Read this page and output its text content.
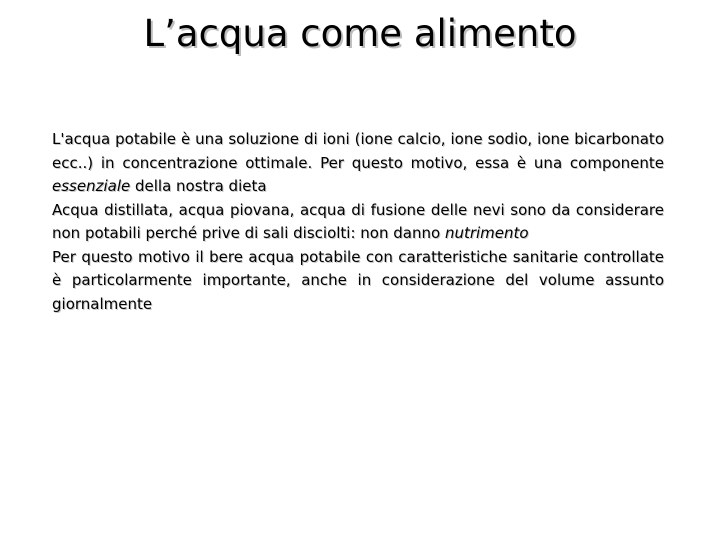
L’acqua come alimento

L'acqua potabile è una soluzione di ioni (ione calcio, ione sodio, ione bicarbonato ecc..) in concentrazione ottimale. Per questo motivo, essa è una componente essenziale della nostra dieta

Acqua distillata, acqua piovana, acqua di fusione delle nevi sono da considerare non potabili perché prive di sali disciolti: non danno nutrimento

Per questo motivo il bere acqua potabile con caratteristiche sanitarie controllate è particolarmente importante, anche in considerazione del volume assunto giornalmente
